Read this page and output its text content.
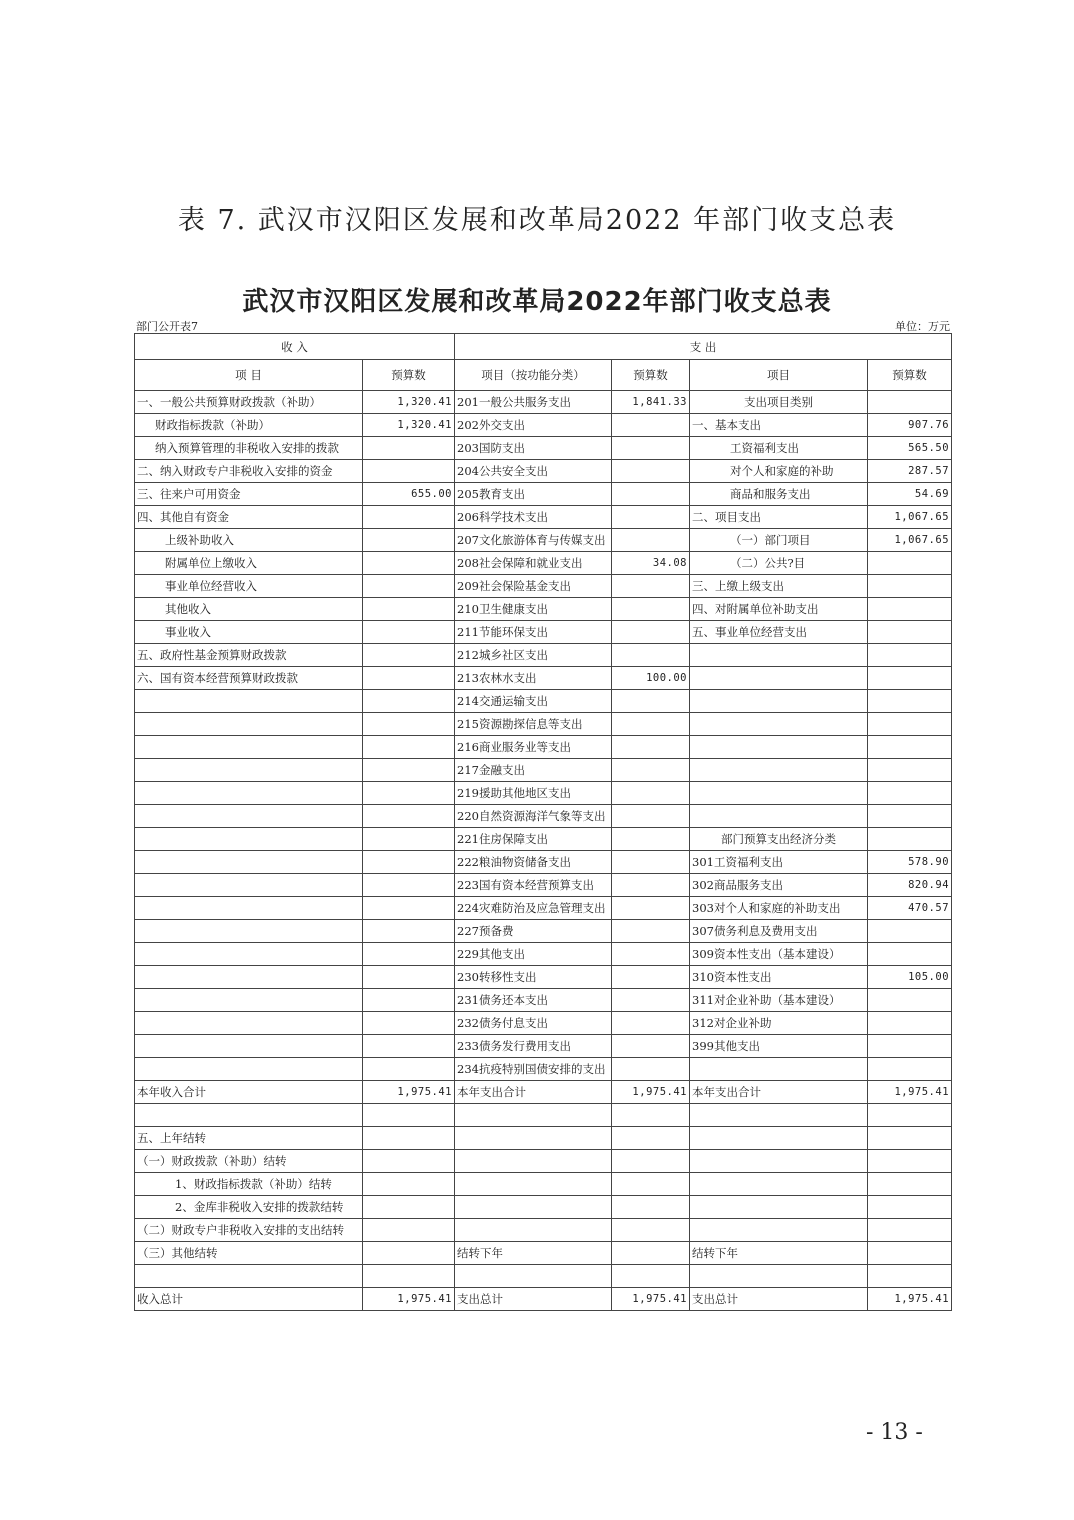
表 7. 武汉市汉阳区发展和改革局2022 年部门收支总表
武汉市汉阳区发展和改革局2022年部门收支总表
部门公开表7	单位：万元
收 入		支 出			
项 目	预算数	项目（按功能分类）	预算数	项目	预算数
一、一般公共预算财政拨款（补助）	1,320.41	201一般公共服务支出	1,841.33	支出项目类别	
财政指标拨款（补助）	1,320.41	202外交支出		一、基本支出	907.76
纳入预算管理的非税收入安排的拨款		203国防支出		工资福利支出	565.50
二、纳入财政专户非税收入安排的资金		204公共安全支出		对个人和家庭的补助	287.57
三、往来户可用资金	655.00	205教育支出		商品和服务支出	54.69
四、其他自有资金		206科学技术支出		二、项目支出	1,067.65
上级补助收入		207文化旅游体育与传媒支出		（一）部门项目	1,067.65
附属单位上缴收入		208社会保障和就业支出	34.08	（二）公共?目	
事业单位经营收入		209社会保险基金支出		三、上缴上级支出	
其他收入		210卫生健康支出		四、对附属单位补助支出	
事业收入		211节能环保支出		五、事业单位经营支出	
五、政府性基金预算财政拨款		212城乡社区支出			
六、国有资本经营预算财政拨款		213农林水支出	100.00		
		214交通运输支出			
		215资源勘探信息等支出			
		216商业服务业等支出			
		217金融支出			
		219援助其他地区支出			
		220自然资源海洋气象等支出			
		221住房保障支出		部门预算支出经济分类	
		222粮油物资储备支出		301工资福利支出	578.90
		223国有资本经营预算支出		302商品服务支出	820.94
		224灾难防治及应急管理支出		303对个人和家庭的补助支出	470.57
		227预备费		307债务利息及费用支出	
		229其他支出		309资本性支出（基本建设）	
		230转移性支出		310资本性支出	105.00
		231债务还本支出		311对企业补助（基本建设）	
		232债务付息支出		312对企业补助	
		233债务发行费用支出		399其他支出	
		234抗疫特别国债安排的支出			
本年收入合计	1,975.41	本年支出合计	1,975.41	本年支出合计	1,975.41

五、上年结转					
（一）财政拨款（补助）结转					
1、财政指标拨款（补助）结转					
2、金库非税收入安排的拨款结转					
（二）财政专户非税收入安排的支出结转					
（三）其他结转		结转下年		结转下年	

收入总计	1,975.41	支出总计	1,975.41	支出总计	1,975.41
- 13 -
